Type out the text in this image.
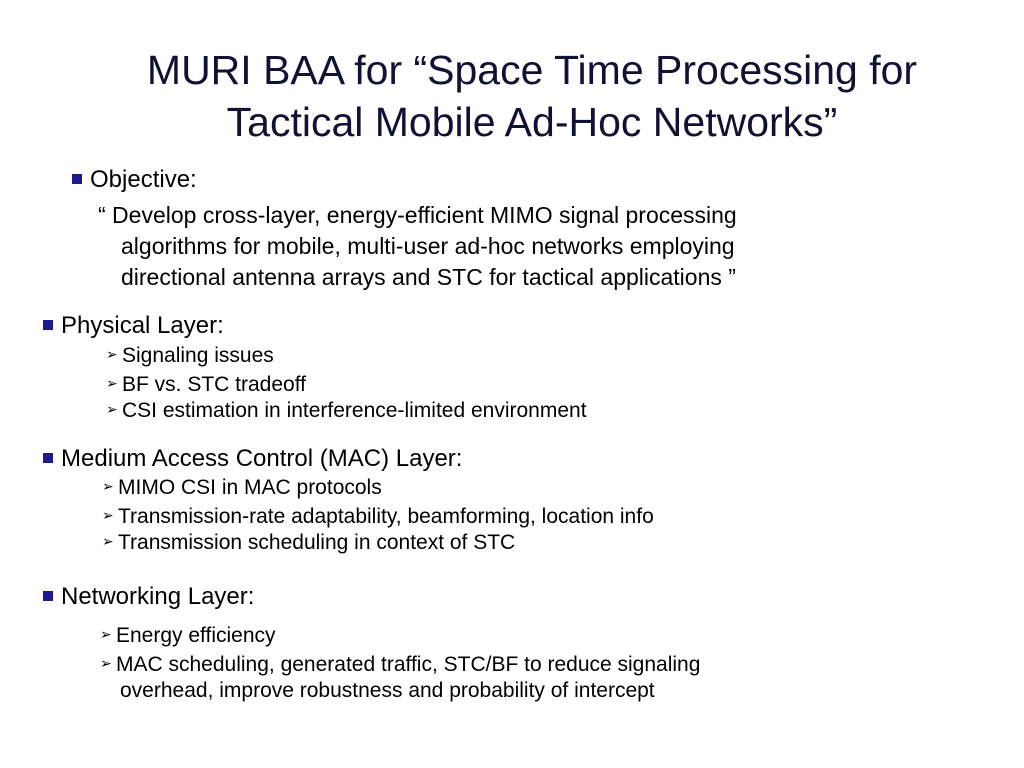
MURI BAA for “Space Time Processing for
Tactical Mobile Ad-Hoc Networks”
Objective:
“ Develop cross-layer, energy-efficient MIMO signal processing
algorithms for mobile, multi-user ad-hoc networks employing
directional antenna arrays and STC for tactical applications ”
Physical Layer:
➢ Signaling issues
➢ BF vs. STC tradeoff
➢ CSI estimation in interference-limited environment
Medium Access Control (MAC) Layer:
➢ MIMO CSI in MAC protocols
➢ Transmission-rate adaptability, beamforming, location info
➢ Transmission scheduling in context of STC
Networking Layer:
➢ Energy efficiency
➢ MAC scheduling, generated traffic, STC/BF to reduce signaling
overhead, improve robustness and probability of intercept
